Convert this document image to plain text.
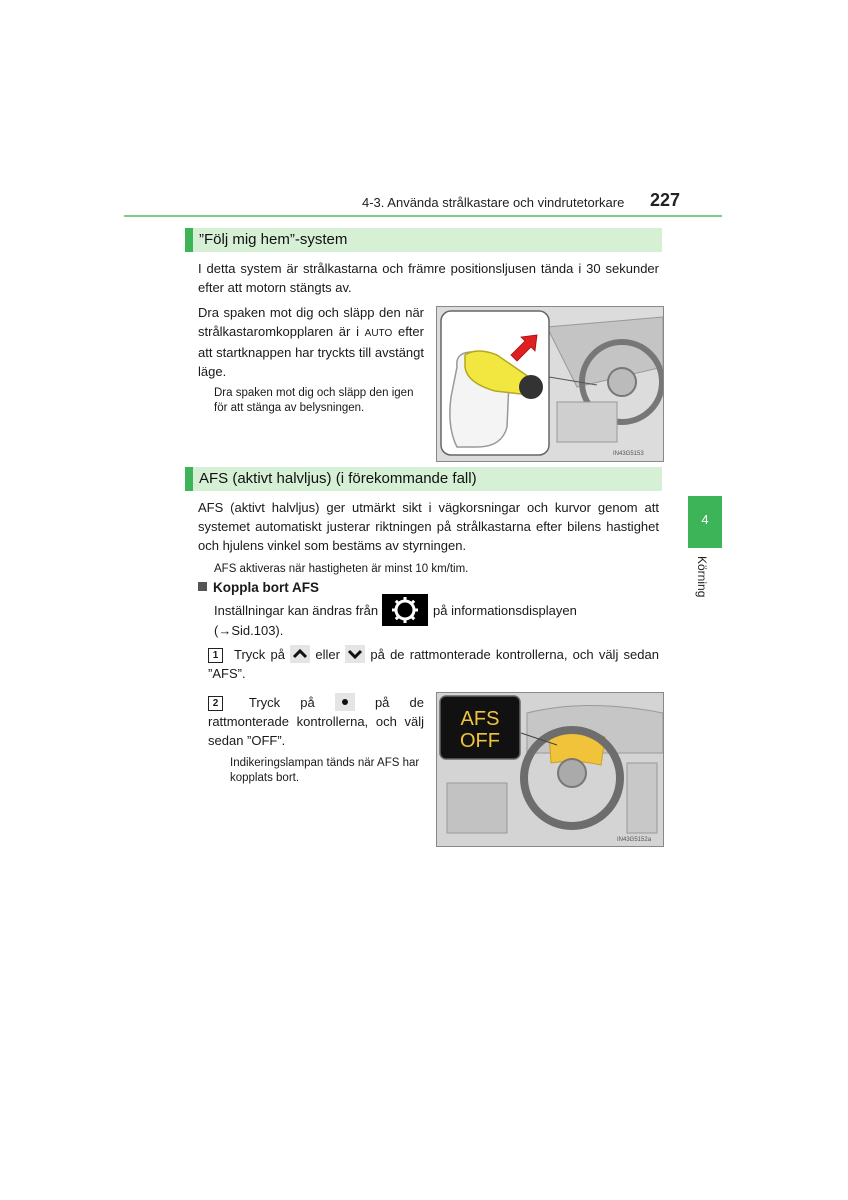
4-3. Använda strålkastare och vindrutetorkare 227
4
Körning
”Följ mig hem”-system
I detta system är strålkastarna och främre positionsljusen tända i 30 sekunder efter att motorn stängts av.
Dra spaken mot dig och släpp den när strålkastaromkopplaren är i AUTO efter att startknappen har tryckts till avstängt läge.
Dra spaken mot dig och släpp den igen för att stänga av belysningen.
IN43G5153
AFS (aktivt halvljus) (i förekommande fall)
AFS (aktivt halvljus) ger utmärkt sikt i vägkorsningar och kurvor genom att systemet automatiskt justerar riktningen på strålkastarna efter bilens hastighet och hjulens vinkel som bestäms av styrningen.
AFS aktiveras när hastigheten är minst 10 km/tim.
Koppla bort AFS
Inställningar kan ändras från	på informationsdisplayen
(→Sid.103).
1 Tryck på eller på de rattmonterade kontrollerna, och välj sedan ”AFS”.
2 Tryck på	på de rattmonterade kontrollerna, och välj sedan ”OFF”.
Indikeringslampan tänds när AFS har kopplats bort.
AFS
OFF
IN43G5152a
